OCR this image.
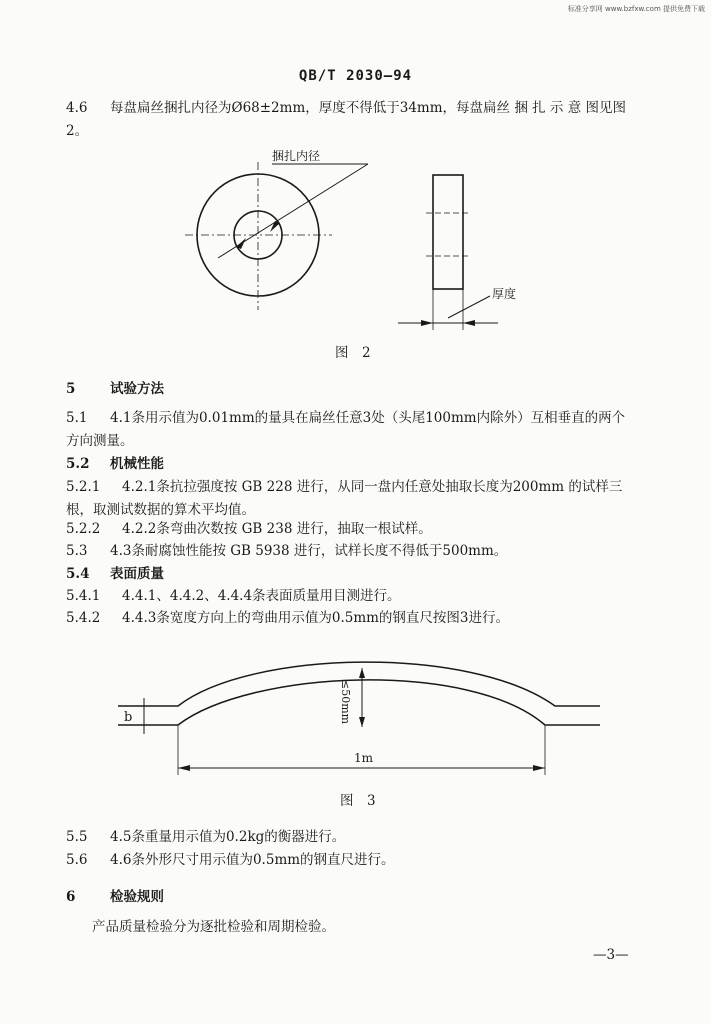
标准分享网 www.bzfxw.com 提供免费下载
QB/T 2030—94
4.6 每盘扁丝捆扎内径为Ø68±2mm，厚度不得低于34mm，每盘扁丝 捆 扎 示 意 图见图
2。
捆扎内径
厚度
图　2
5	试验方法
5.1 4.1条用示值为0.01mm的量具在扁丝任意3处（头尾100mm内除外）互相垂直的两个
方向测量。
5.2 机械性能
5.2.1 4.2.1条抗拉强度按 GB 228 进行，从同一盘内任意处抽取长度为200mm 的试样三
根，取测试数据的算术平均值。
5.2.2 4.2.2条弯曲次数按 GB 238 进行，抽取一根试样。
5.3 4.3条耐腐蚀性能按 GB 5938 进行，试样长度不得低于500mm。
5.4 表面质量
5.4.1 4.4.1、4.4.2、4.4.4条表面质量用目测进行。
5.4.2 4.4.3条宽度方向上的弯曲用示值为0.5mm的钢直尺按图3进行。
b	≤50mm
1m
图　3
5.5 4.5条重量用示值为0.2kg的衡器进行。
5.6 4.6条外形尺寸用示值为0.5mm的钢直尺进行。
6	检验规则
产品质量检验分为逐批检验和周期检验。
—3—
